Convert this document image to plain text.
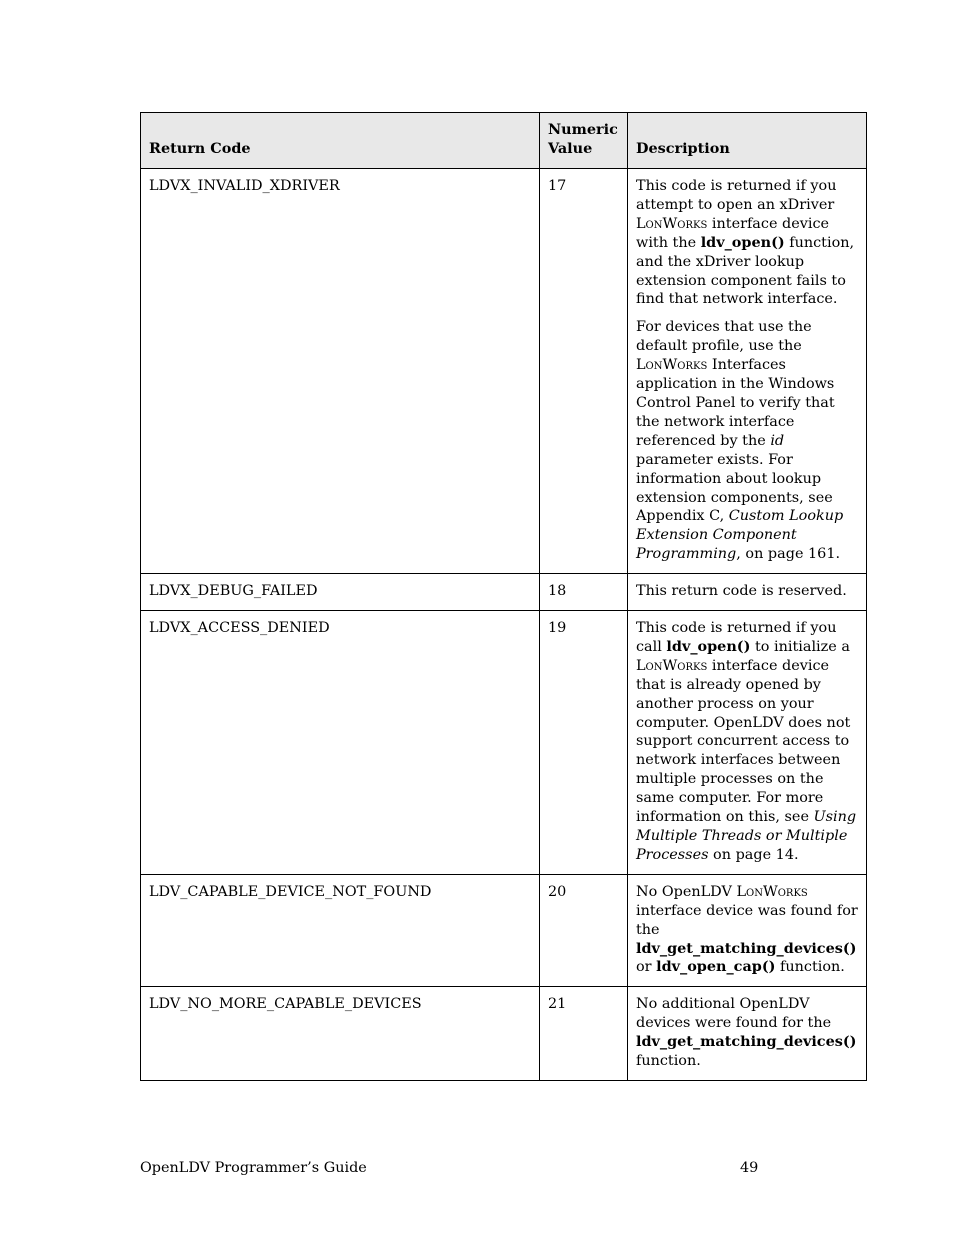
Return Code	Numeric Value	Description
LDVX_INVALID_XDRIVER	17	This code is returned if you attempt to open an xDriver LonWorks interface device with the ldv_open() function, and the xDriver lookup extension component fails to find that network interface.

For devices that use the default profile, use the LonWorks Interfaces application in the Windows Control Panel to verify that the network interface referenced by the id parameter exists. For information about lookup extension components, see Appendix C, Custom Lookup Extension Component Programming, on page 161.

LDVX_DEBUG_FAILED	18	This return code is reserved.

LDVX_ACCESS_DENIED	19	This code is returned if you call ldv_open() to initialize a LonWorks interface device that is already opened by another process on your computer. OpenLDV does not support concurrent access to network interfaces between multiple processes on the same computer. For more information on this, see Using Multiple Threads or Multiple Processes on page 14.

LDV_CAPABLE_DEVICE_NOT_FOUND	20	No OpenLDV LonWorks interface device was found for the ldv_get_matching_devices() or ldv_open_cap() function.

LDV_NO_MORE_CAPABLE_DEVICES	21	No additional OpenLDV devices were found for the ldv_get_matching_devices() function.

OpenLDV Programmer’s Guide	49
